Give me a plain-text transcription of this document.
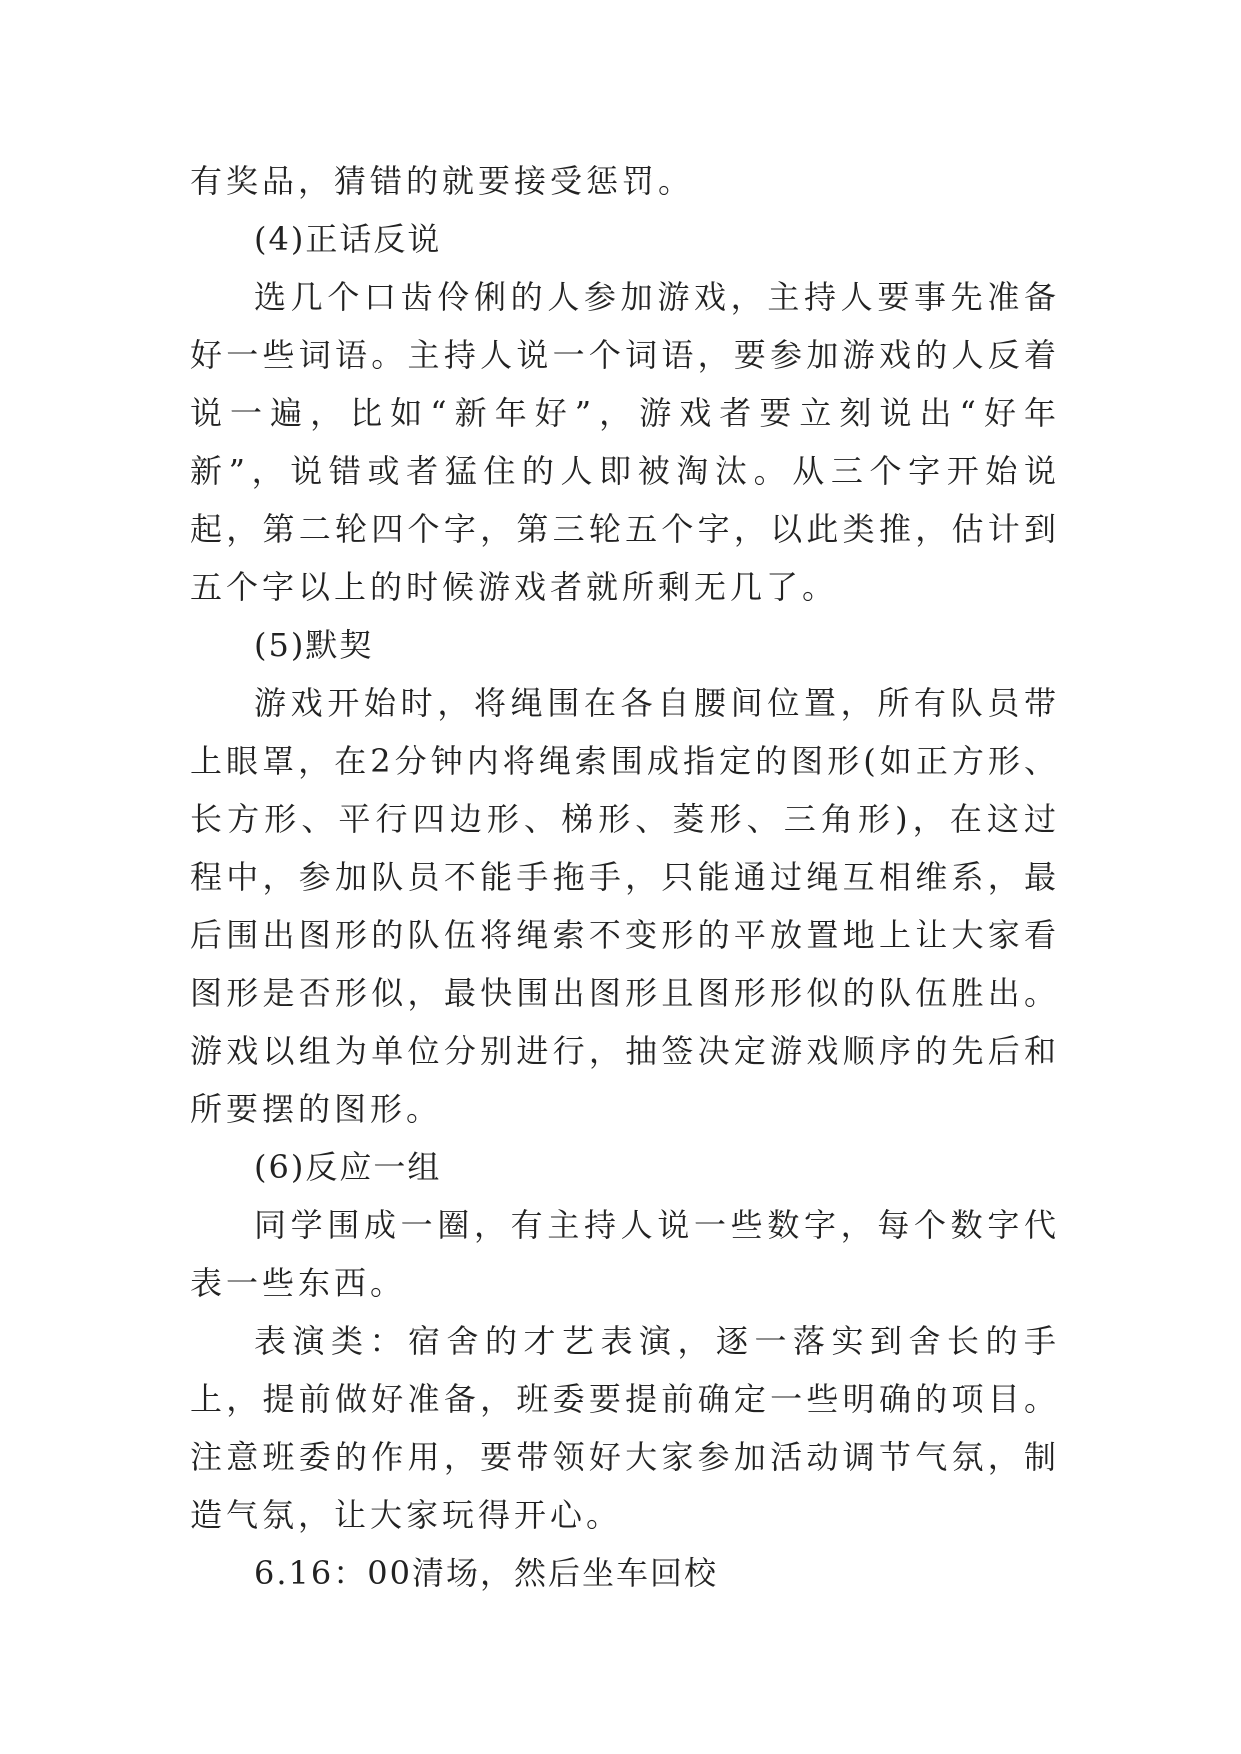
有奖品，猜错的就要接受惩罚。

(4)正话反说

选几个口齿伶俐的人参加游戏，主持人要事先准备好一些词语。主持人说一个词语，要参加游戏的人反着说一遍，比如“新年好”，游戏者要立刻说出“好年新”，说错或者猛住的人即被淘汰。从三个字开始说起，第二轮四个字，第三轮五个字，以此类推，估计到五个字以上的时候游戏者就所剩无几了。

(5)默契

游戏开始时，将绳围在各自腰间位置，所有队员带上眼罩，在2分钟内将绳索围成指定的图形(如正方形、长方形、平行四边形、梯形、菱形、三角形)，在这过程中，参加队员不能手拖手，只能通过绳互相维系，最后围出图形的队伍将绳索不变形的平放置地上让大家看图形是否形似，最快围出图形且图形形似的队伍胜出。游戏以组为单位分别进行，抽签决定游戏顺序的先后和所要摆的图形。

(6)反应一组

同学围成一圈，有主持人说一些数字，每个数字代表一些东西。

表演类：宿舍的才艺表演，逐一落实到舍长的手上，提前做好准备，班委要提前确定一些明确的项目。注意班委的作用，要带领好大家参加活动调节气氛，制造气氛，让大家玩得开心。

6.16：00清场，然后坐车回校
